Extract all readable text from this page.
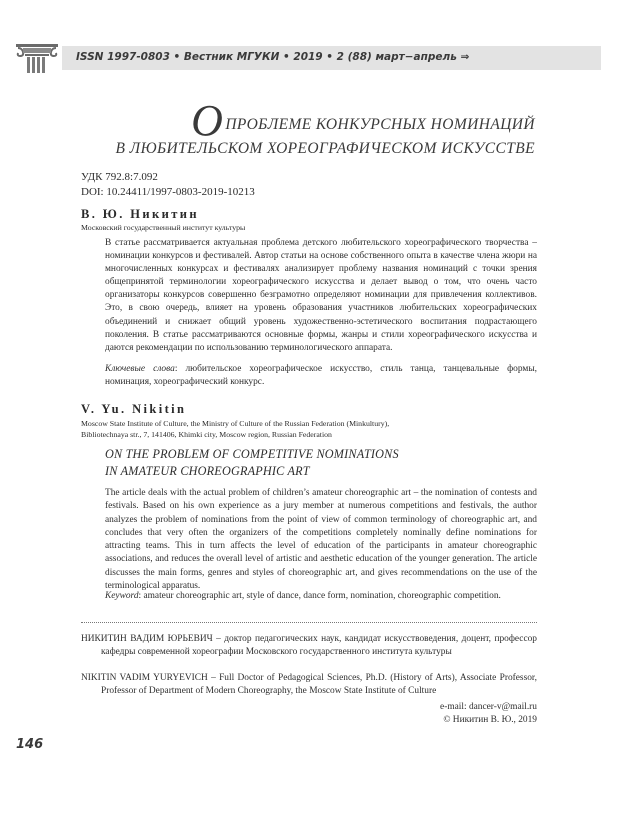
ISSN 1997-0803 • Вестник МГУКИ • 2019 • 2 (88) март−апрель ⇒
ОПРОБЛЕМЕ КОНКУРСНЫХ НОМИНАЦИЙ
В ЛЮБИТЕЛЬСКОМ ХОРЕОГРАФИЧЕСКОМ ИСКУССТВЕ
УДК 792.8:7.092
DOI: 10.24411/1997-0803-2019-10213
В. Ю. Никитин
Московский государственный институт культуры
В статье рассматривается актуальная проблема детского любительского хореографического творчества – номинации конкурсов и фестивалей. Автор статьи на основе собственного опыта в качестве члена жюри на многочисленных конкурсах и фестивалях анализирует проблему названия номинаций с точки зрения общепринятой терминологии хореографического искусства и делает вывод о том, что очень часто организаторы конкурсов совершенно безграмотно определяют номинации для привлечения коллективов. Это, в свою очередь, влияет на уровень образования участников любительских хореографических объединений и снижает общий уровень художественно-эстетического воспитания подрастающего поколения. В статье рассматриваются основные формы, жанры и стили хореографического искусства и даются рекомендации по использованию терминологического аппарата.
Ключевые слова: любительское хореографическое искусство, стиль танца, танцевальные формы, номинация, хореографический конкурс.
V. Yu. Nikitin
Moscow State Institute of Culture, the Ministry of Culture of the Russian Federation (Minkultury),
Bibliotechnaya str., 7, 141406, Khimki city, Moscow region, Russian Federation
ON THE PROBLEM OF COMPETITIVE NOMINATIONS
IN AMATEUR CHOREOGRAPHIC ART
The article deals with the actual problem of children’s amateur choreographic art – the nomination of contests and festivals. Based on his own experience as a jury member at numerous competitions and festivals, the author analyzes the problem of nominations from the point of view of common terminology of choreographic art, and concludes that very often the organizers of the competitions completely nominally define nominations for attracting teams. This in turn affects the level of education of the participants in amateur choreographic associations, and reduces the overall level of artistic and aesthetic education of the younger generation. The article discusses the main forms, genres and styles of choreographic art, and gives recommendations on the use of the terminological apparatus.
Keyword: amateur choreographic art, style of dance, dance form, nomination, choreographic competition.
НИКИТИН ВАДИМ ЮРЬЕВИЧ – доктор педагогических наук, кандидат искусствоведения, доцент, профессор кафедры современной хореографии Московского государственного института культуры
NIKITIN VADIM YURYEVICH – Full Doctor of Pedagogical Sciences, Ph.D. (History of Arts), Associate Professor, Professor of Department of Modern Choreography, the Moscow State Institute of Culture
e-mail: dancer-v@mail.ru
© Никитин В. Ю., 2019
146
